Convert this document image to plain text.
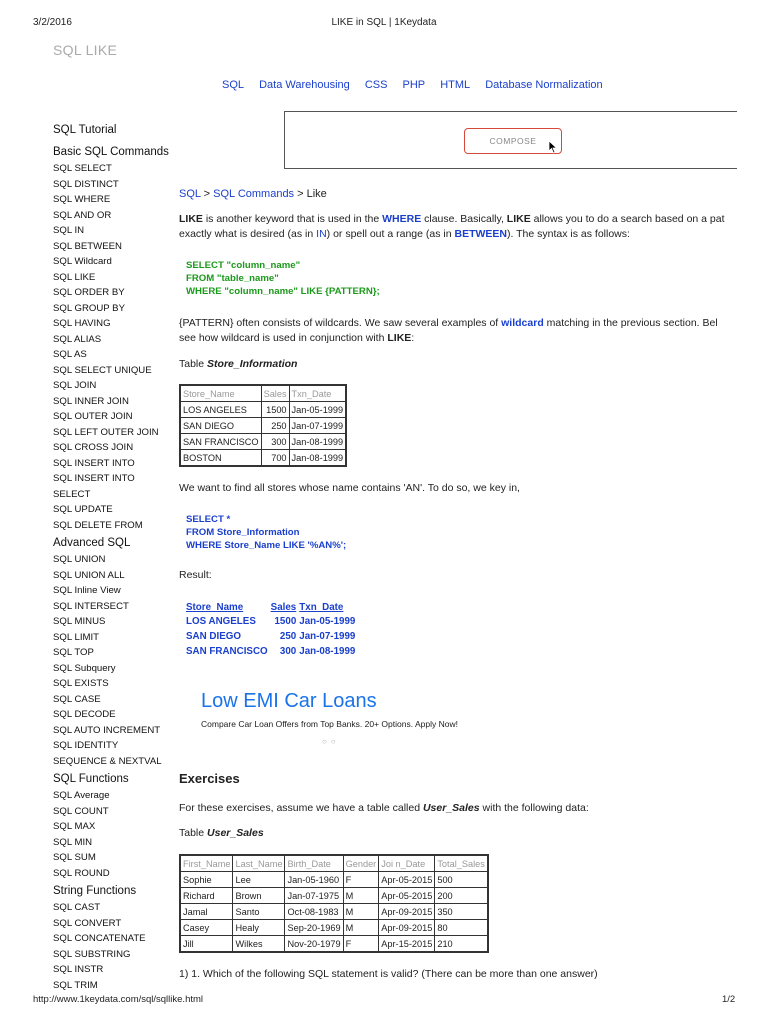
3/2/2016	LIKE in SQL | 1Keydata
SQL LIKE
SQL Data Warehousing CSS PHP HTML Database Normalization
SQL Tutorial
Basic SQL Commands
SQL SELECT
SQL DISTINCT
SQL WHERE
SQL AND OR
SQL IN
SQL BETWEEN
SQL Wildcard
SQL LIKE
SQL ORDER BY
SQL GROUP BY
SQL HAVING
SQL ALIAS
SQL AS
SQL SELECT UNIQUE
SQL JOIN
SQL INNER JOIN
SQL OUTER JOIN
SQL LEFT OUTER JOIN
SQL CROSS JOIN
SQL INSERT INTO
SQL INSERT INTO SELECT
SQL UPDATE
SQL DELETE FROM
Advanced SQL
SQL UNION
SQL UNION ALL
SQL Inline View
SQL INTERSECT
SQL MINUS
SQL LIMIT
SQL TOP
SQL Subquery
SQL EXISTS
SQL CASE
SQL DECODE
SQL AUTO INCREMENT
SQL IDENTITY
SEQUENCE & NEXTVAL
SQL Functions
SQL Average
SQL COUNT
SQL MAX
SQL MIN
SQL SUM
SQL ROUND
String Functions
SQL CAST
SQL CONVERT
SQL CONCATENATE
SQL SUBSTRING
SQL INSTR
SQL TRIM
COMPOSE
SQL > SQL Commands > Like
LIKE is another keyword that is used in the WHERE clause. Basically, LIKE allows you to do a search based on a pat
exactly what is desired (as in IN) or spell out a range (as in BETWEEN). The syntax is as follows:
SELECT "column_name"
FROM "table_name"
WHERE "column_name" LIKE {PATTERN};
{PATTERN} often consists of wildcards. We saw several examples of wildcard matching in the previous section. Bel
see how wildcard is used in conjunction with LIKE:
Table Store_Information
Store_Name	Sales	Txn_Date
LOS ANGELES	1500	Jan-05-1999
SAN DIEGO	250	Jan-07-1999
SAN FRANCISCO	300	Jan-08-1999
BOSTON	700	Jan-08-1999
We want to find all stores whose name contains 'AN'. To do so, we key in,
SELECT *
FROM Store_Information
WHERE Store_Name LIKE '%AN%';
Result:
Store_Name	Sales	Txn_Date
LOS ANGELES	1500	Jan-05-1999
SAN DIEGO	250	Jan-07-1999
SAN FRANCISCO	300	Jan-08-1999
Low EMI Car Loans
Compare Car Loan Offers from Top Banks. 20+ Options. Apply Now!
○○
Exercises
For these exercises, assume we have a table called User_Sales with the following data:
Table User_Sales
First_Name	Last_Name	Birth_Date	Gender	Joi n_Date	Total_Sales
Sophie	Lee	Jan-05-1960	F	Apr-05-2015	500
Richard	Brown	Jan-07-1975	M	Apr-05-2015	200
Jamal	Santo	Oct-08-1983	M	Apr-09-2015	350
Casey	Healy	Sep-20-1969	M	Apr-09-2015	80
Jill	Wilkes	Nov-20-1979	F	Apr-15-2015	210
1) 1. Which of the following SQL statement is valid? (There can be more than one answer)
http://www.1keydata.com/sql/sqllike.html	1/2
